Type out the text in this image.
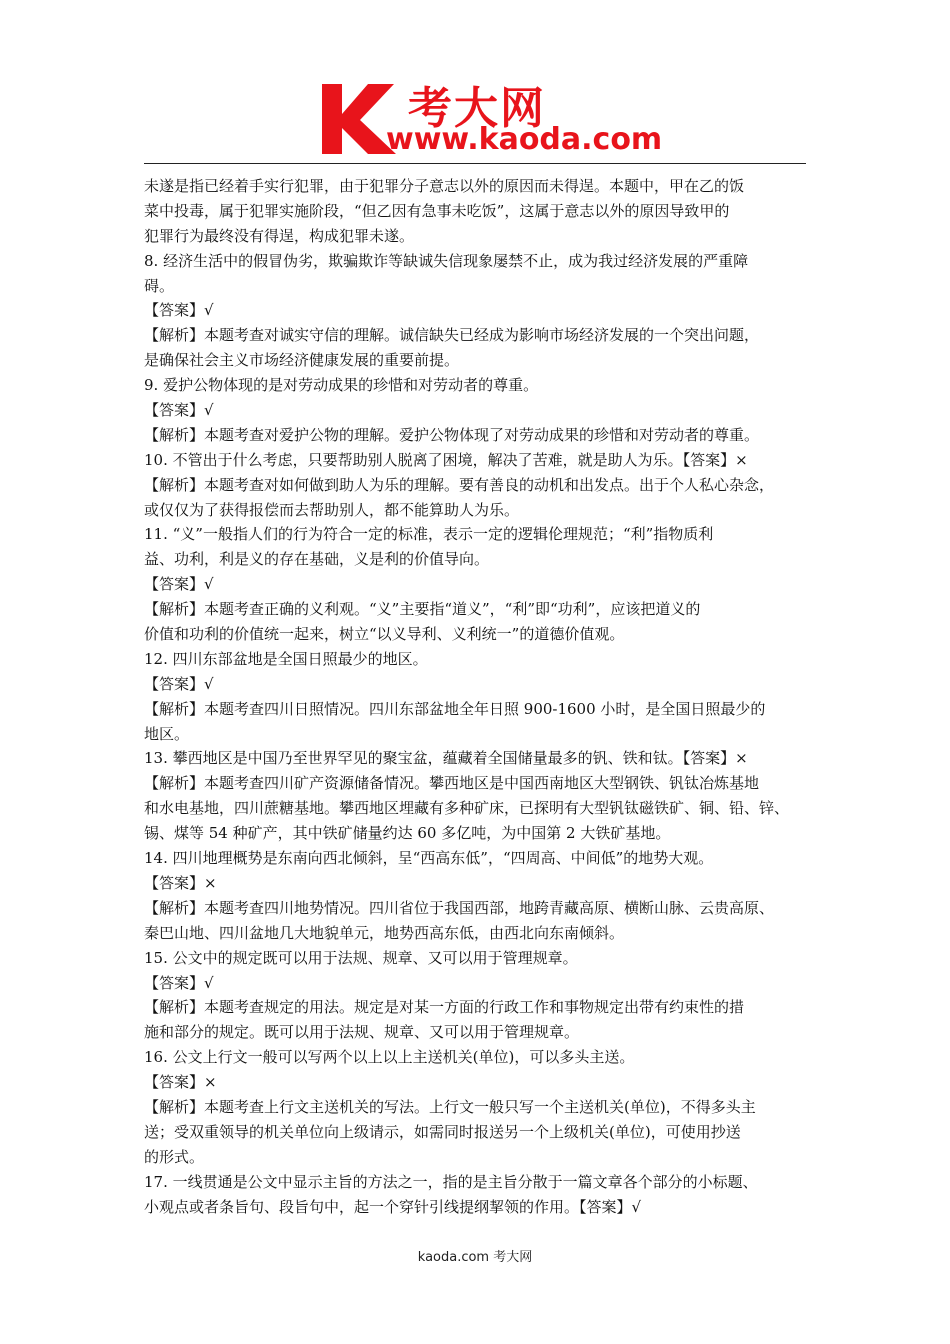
考大网
www.kaoda.com
未遂是指已经着手实行犯罪，由于犯罪分子意志以外的原因而未得逞。本题中，甲在乙的饭
菜中投毒，属于犯罪实施阶段，“但乙因有急事未吃饭”，这属于意志以外的原因导致甲的
犯罪行为最终没有得逞，构成犯罪未遂。
8. 经济生活中的假冒伪劣，欺骗欺诈等缺诚失信现象屡禁不止，成为我过经济发展的严重障
碍。
【答案】√
【解析】本题考查对诚实守信的理解。诚信缺失已经成为影响市场经济发展的一个突出问题，
是确保社会主义市场经济健康发展的重要前提。
9. 爱护公物体现的是对劳动成果的珍惜和对劳动者的尊重。
【答案】√
【解析】本题考查对爱护公物的理解。爱护公物体现了对劳动成果的珍惜和对劳动者的尊重。
10. 不管出于什么考虑，只要帮助别人脱离了困境，解决了苦难，就是助人为乐。【答案】×
【解析】本题考查对如何做到助人为乐的理解。要有善良的动机和出发点。出于个人私心杂念，
或仅仅为了获得报偿而去帮助别人，都不能算助人为乐。
11. “义”一般指人们的行为符合一定的标准，表示一定的逻辑伦理规范；“利”指物质利
益、功利，利是义的存在基础，义是利的价值导向。
【答案】√
【解析】本题考查正确的义利观。“义”主要指“道义”，“利”即“功利”，应该把道义的
价值和功利的价值统一起来，树立“以义导利、义利统一”的道德价值观。
12. 四川东部盆地是全国日照最少的地区。
【答案】√
【解析】本题考查四川日照情况。四川东部盆地全年日照 900-1600 小时，是全国日照最少的
地区。
13. 攀西地区是中国乃至世界罕见的聚宝盆，蕴藏着全国储量最多的钒、铁和钛。【答案】×
【解析】本题考查四川矿产资源储备情况。攀西地区是中国西南地区大型钢铁、钒钛冶炼基地
和水电基地，四川蔗糖基地。攀西地区埋藏有多种矿床，已探明有大型钒钛磁铁矿、铜、铅、锌、
锡、煤等 54 种矿产，其中铁矿储量约达 60 多亿吨，为中国第 2 大铁矿基地。
14. 四川地理概势是东南向西北倾斜，呈“西高东低”，“四周高、中间低”的地势大观。
【答案】×
【解析】本题考查四川地势情况。四川省位于我国西部，地跨青藏高原、横断山脉、云贵高原、
秦巴山地、四川盆地几大地貌单元，地势西高东低，由西北向东南倾斜。
15. 公文中的规定既可以用于法规、规章、又可以用于管理规章。
【答案】√
【解析】本题考查规定的用法。规定是对某一方面的行政工作和事物规定出带有约束性的措
施和部分的规定。既可以用于法规、规章、又可以用于管理规章。
16. 公文上行文一般可以写两个以上以上主送机关(单位)，可以多头主送。
【答案】×
【解析】本题考查上行文主送机关的写法。上行文一般只写一个主送机关(单位)，不得多头主
送；受双重领导的机关单位向上级请示，如需同时报送另一个上级机关(单位)，可使用抄送
的形式。
17. 一线贯通是公文中显示主旨的方法之一，指的是主旨分散于一篇文章各个部分的小标题、
小观点或者条旨句、段旨句中，起一个穿针引线提纲挈领的作用。【答案】√
kaoda.com 考大网
